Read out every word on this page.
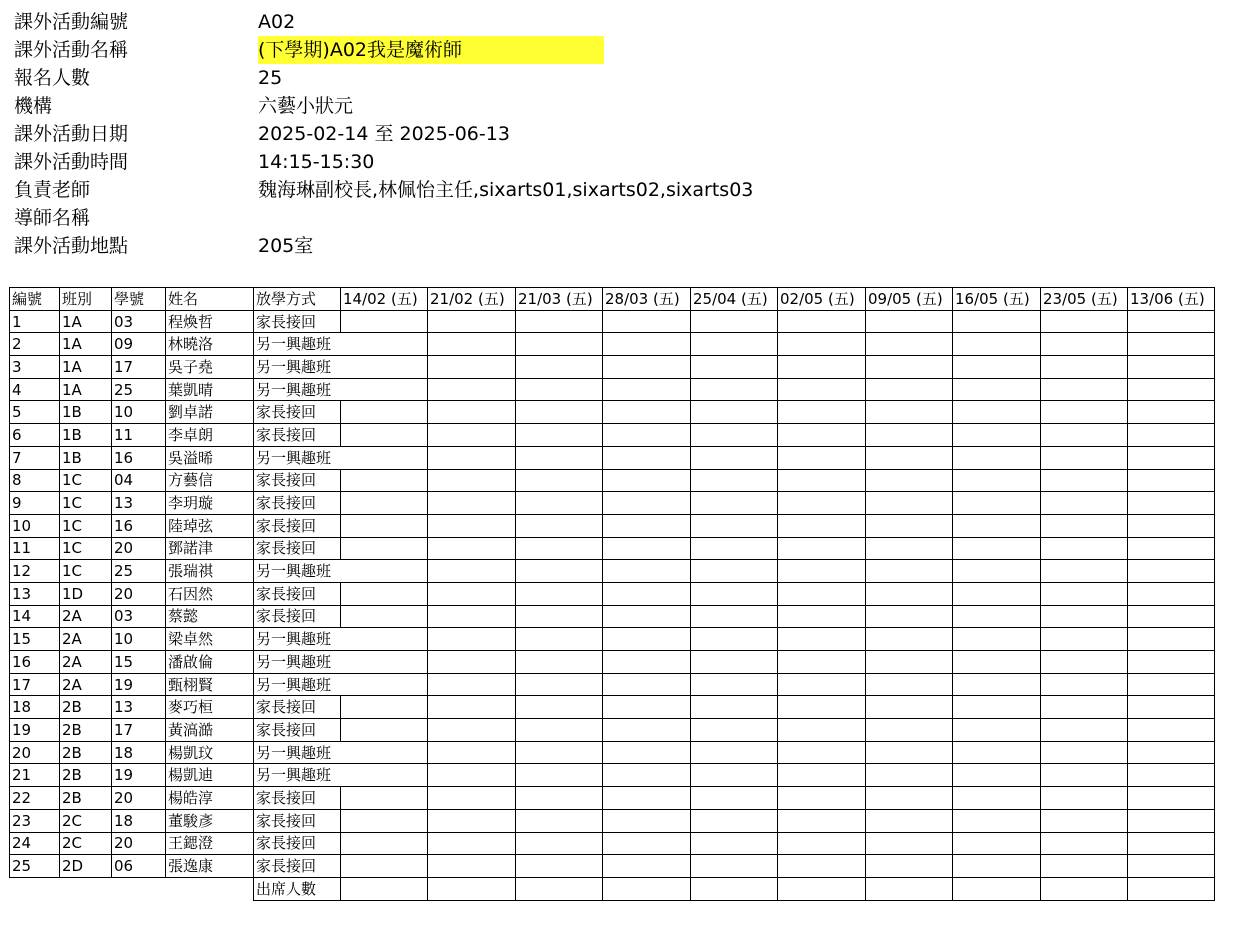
課外活動編號	A02
課外活動名稱	(下學期)A02我是魔術師
報名人數	25
機構	六藝小狀元
課外活動日期	2025-02-14 至 2025-06-13
課外活動時間	14:15-15:30
負責老師	魏海琳副校長,林佩怡主任,sixarts01,sixarts02,sixarts03
導師名稱
課外活動地點	205室
編號	班別	學號	姓名	放學方式	14/02 (五)	21/02 (五)	21/03 (五)	28/03 (五)	25/04 (五)	02/05 (五)	09/05 (五)	16/05 (五)	23/05 (五)	13/06 (五)
1	1A	03	程煥哲	家長接回										
2	1A	09	林曉洛	另一興趣班										
3	1A	17	吳子堯	另一興趣班										
4	1A	25	葉凱晴	另一興趣班										
5	1B	10	劉卓諾	家長接回										
6	1B	11	李卓朗	家長接回										
7	1B	16	吳溢晞	另一興趣班										
8	1C	04	方藝信	家長接回										
9	1C	13	李玥璇	家長接回										
10	1C	16	陸琸弦	家長接回										
11	1C	20	鄧諾津	家長接回										
12	1C	25	張瑞祺	另一興趣班										
13	1D	20	石因然	家長接回										
14	2A	03	蔡懿	家長接回										
15	2A	10	梁卓然	另一興趣班										
16	2A	15	潘啟倫	另一興趣班										
17	2A	19	甄栩賢	另一興趣班										
18	2B	13	麥巧桓	家長接回										
19	2B	17	黃滈澔	家長接回										
20	2B	18	楊凱玟	另一興趣班										
21	2B	19	楊凱迪	另一興趣班										
22	2B	20	楊皓淳	家長接回										
23	2C	18	董駿彥	家長接回										
24	2C	20	王鍶澄	家長接回										
25	2D	06	張逸康	家長接回										
				出席人數										
